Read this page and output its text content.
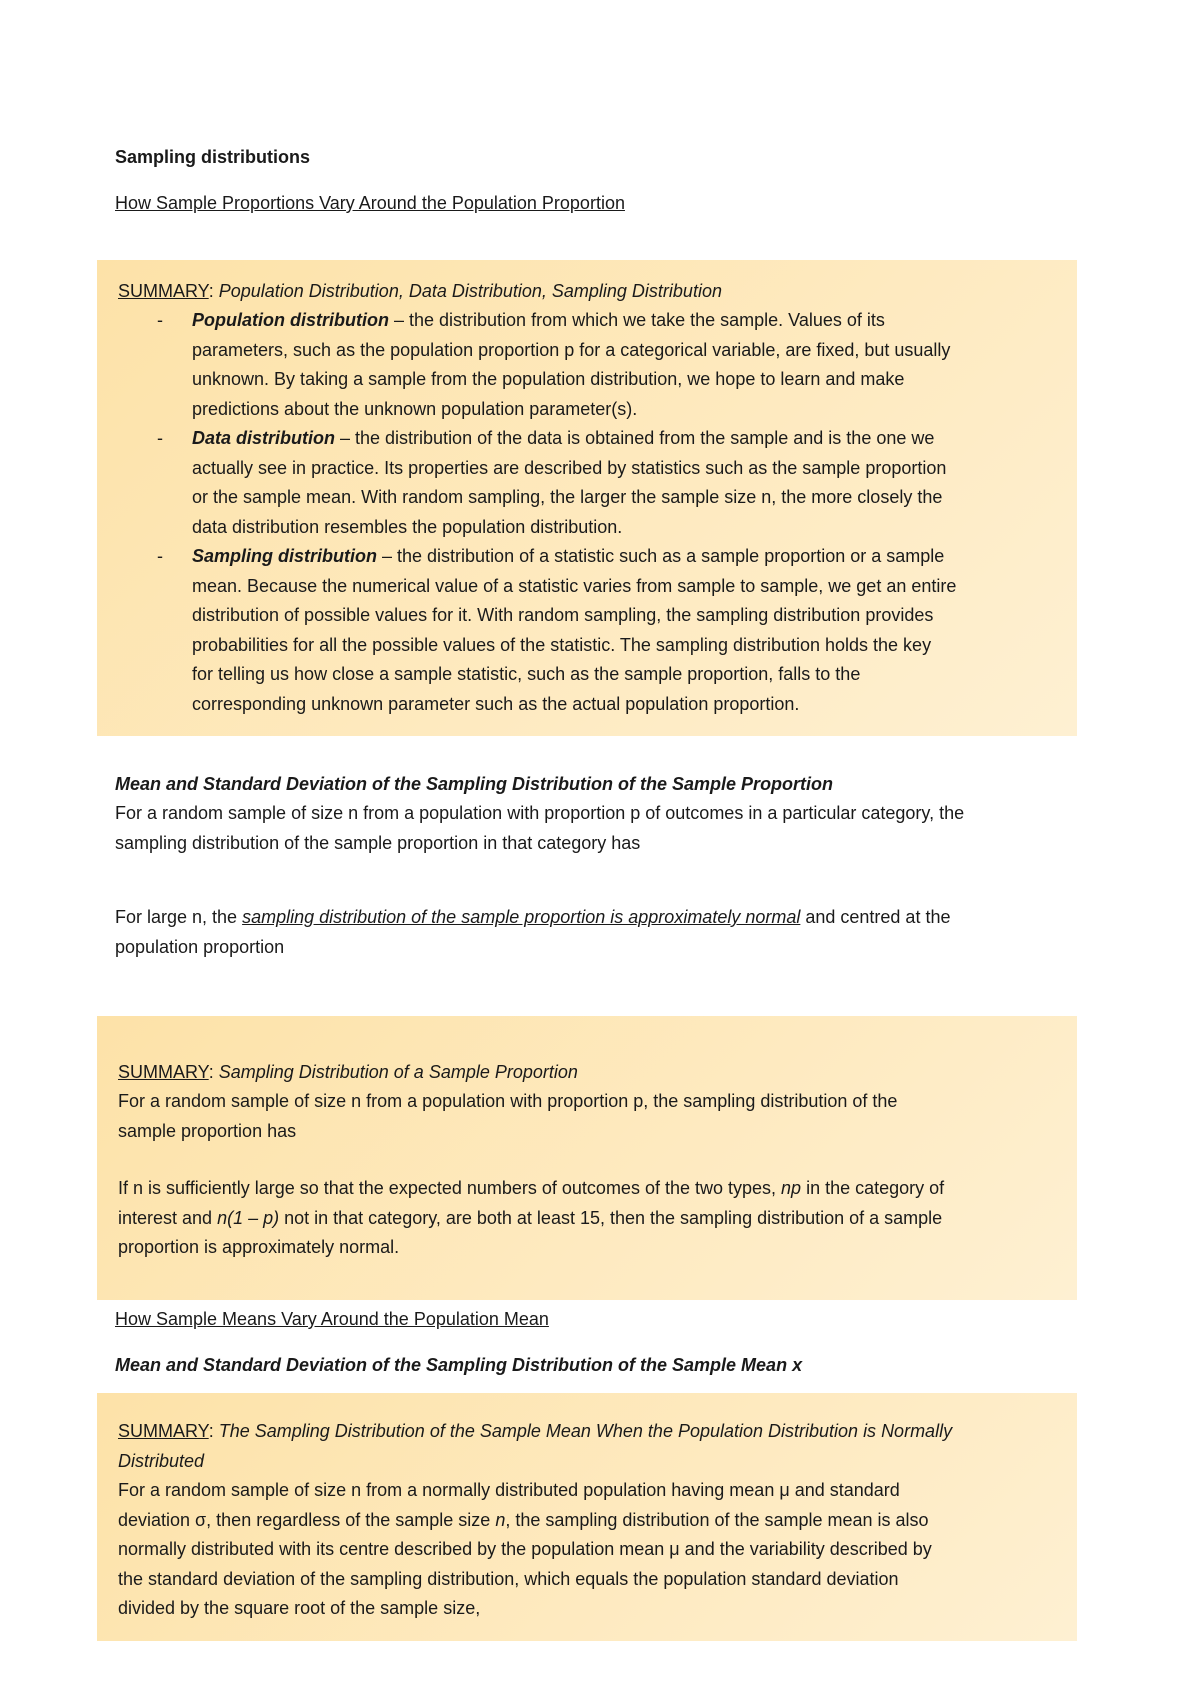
Sampling distributions
How Sample Proportions Vary Around the Population Proportion
SUMMARY: Population Distribution, Data Distribution, Sampling Distribution
- Population distribution – the distribution from which we take the sample. Values of its
parameters, such as the population proportion p for a categorical variable, are fixed, but usually
unknown. By taking a sample from the population distribution, we hope to learn and make
predictions about the unknown population parameter(s).
- Data distribution – the distribution of the data is obtained from the sample and is the one we
actually see in practice. Its properties are described by statistics such as the sample proportion
or the sample mean. With random sampling, the larger the sample size n, the more closely the
data distribution resembles the population distribution.
- Sampling distribution – the distribution of a statistic such as a sample proportion or a sample
mean. Because the numerical value of a statistic varies from sample to sample, we get an entire
distribution of possible values for it. With random sampling, the sampling distribution provides
probabilities for all the possible values of the statistic. The sampling distribution holds the key
for telling us how close a sample statistic, such as the sample proportion, falls to the
corresponding unknown parameter such as the actual population proportion.
Mean and Standard Deviation of the Sampling Distribution of the Sample Proportion
For a random sample of size n from a population with proportion p of outcomes in a particular category, the
sampling distribution of the sample proportion in that category has
For large n, the sampling distribution of the sample proportion is approximately normal and centred at the
population proportion
SUMMARY: Sampling Distribution of a Sample Proportion
For a random sample of size n from a population with proportion p, the sampling distribution of the
sample proportion has
If n is sufficiently large so that the expected numbers of outcomes of the two types, np in the category of
interest and n(1 – p) not in that category, are both at least 15, then the sampling distribution of a sample
proportion is approximately normal.
How Sample Means Vary Around the Population Mean
Mean and Standard Deviation of the Sampling Distribution of the Sample Mean x
SUMMARY: The Sampling Distribution of the Sample Mean When the Population Distribution is Normally
Distributed
For a random sample of size n from a normally distributed population having mean μ and standard
deviation σ, then regardless of the sample size n, the sampling distribution of the sample mean is also
normally distributed with its centre described by the population mean μ and the variability described by
the standard deviation of the sampling distribution, which equals the population standard deviation
divided by the square root of the sample size,
